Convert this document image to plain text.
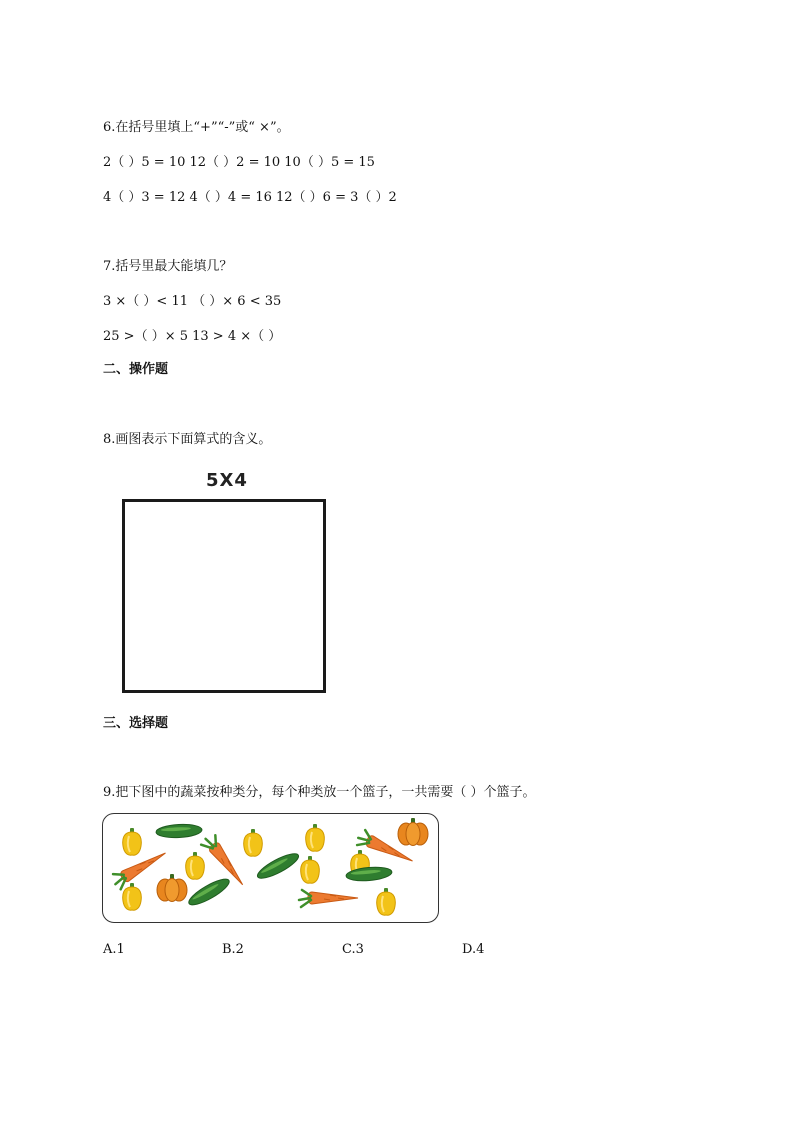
6.在括号里填上“+”“-”或“ ×”。
2（ ）5 = 10 12（ ）2 = 10 10（ ）5 = 15
4（ ）3 = 12 4（ ）4 = 16 12（ ）6 = 3（ ）2
7.括号里最大能填几？
3 ×（ ）< 11 （ ）× 6 < 35
25 >（ ）× 5 13 > 4 ×（ ）
二、操作题
8.画图表示下面算式的含义。
5X4
三、选择题
9.把下图中的蔬菜按种类分，每个种类放一个篮子，一共需要（ ）个篮子。
A.1	B.2	C.3	D.4
